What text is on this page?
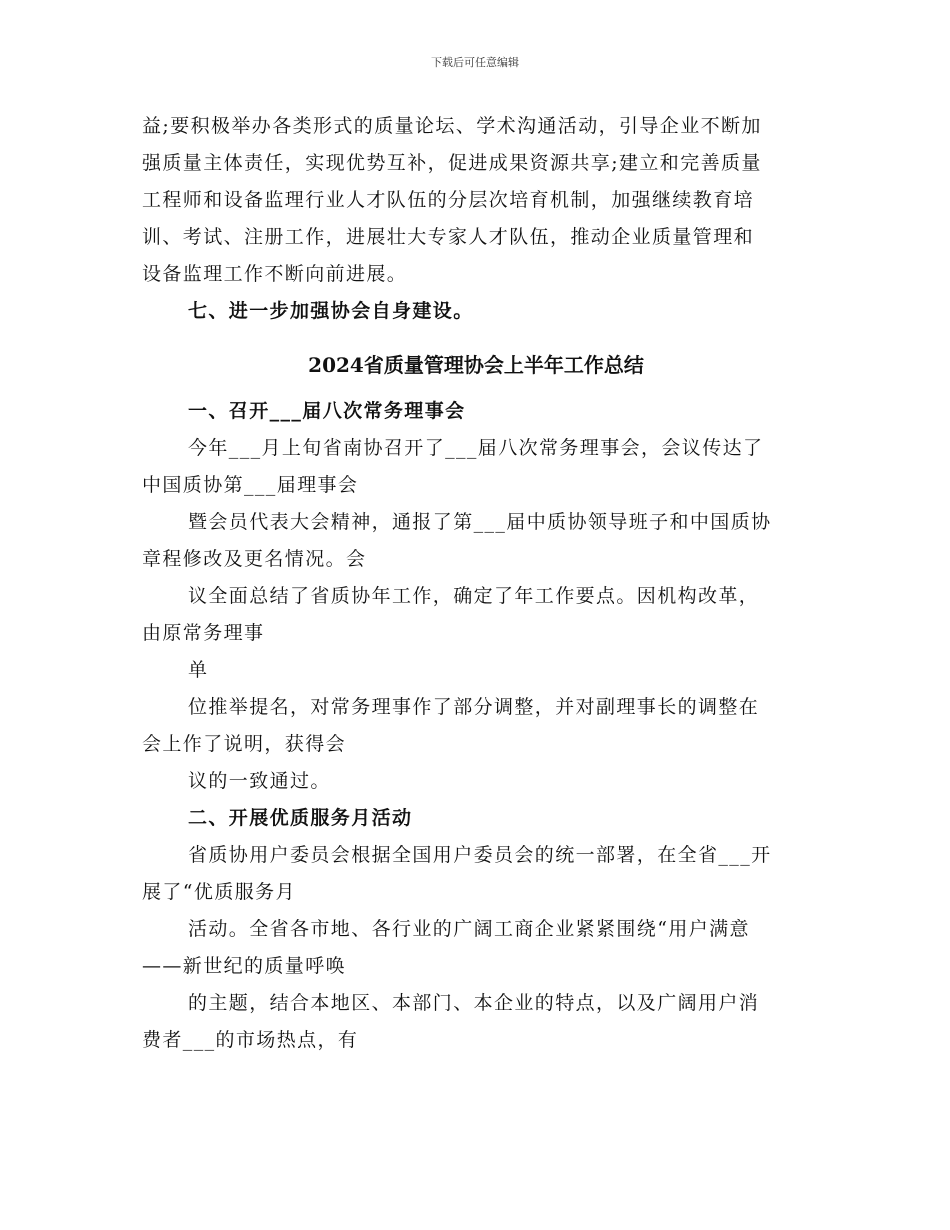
下载后可任意编辑
益;要积极举办各类形式的质量论坛、学术沟通活动，引导企业不断加
强质量主体责任，实现优势互补，促进成果资源共享;建立和完善质量
工程师和设备监理行业人才队伍的分层次培育机制，加强继续教育培
训、考试、注册工作，进展壮大专家人才队伍，推动企业质量管理和
设备监理工作不断向前进展。
七、进一步加强协会自身建设。
2024省质量管理协会上半年工作总结
一、召开___届八次常务理事会
今年___月上旬省南协召开了___届八次常务理事会，会议传达了
中国质协第___届理事会
暨会员代表大会精神，通报了第___届中质协领导班子和中国质协
章程修改及更名情况。会
议全面总结了省质协年工作，确定了年工作要点。因机构改革，
由原常务理事
单
位推举提名，对常务理事作了部分调整，并对副理事长的调整在
会上作了说明，获得会
议的一致通过。
二、开展优质服务月活动
省质协用户委员会根据全国用户委员会的统一部署，在全省___开
展了“优质服务月
活动。全省各市地、各行业的广阔工商企业紧紧围绕“用户满意
——新世纪的质量呼唤
的主题，结合本地区、本部门、本企业的特点，以及广阔用户消
费者___的市场热点，有
